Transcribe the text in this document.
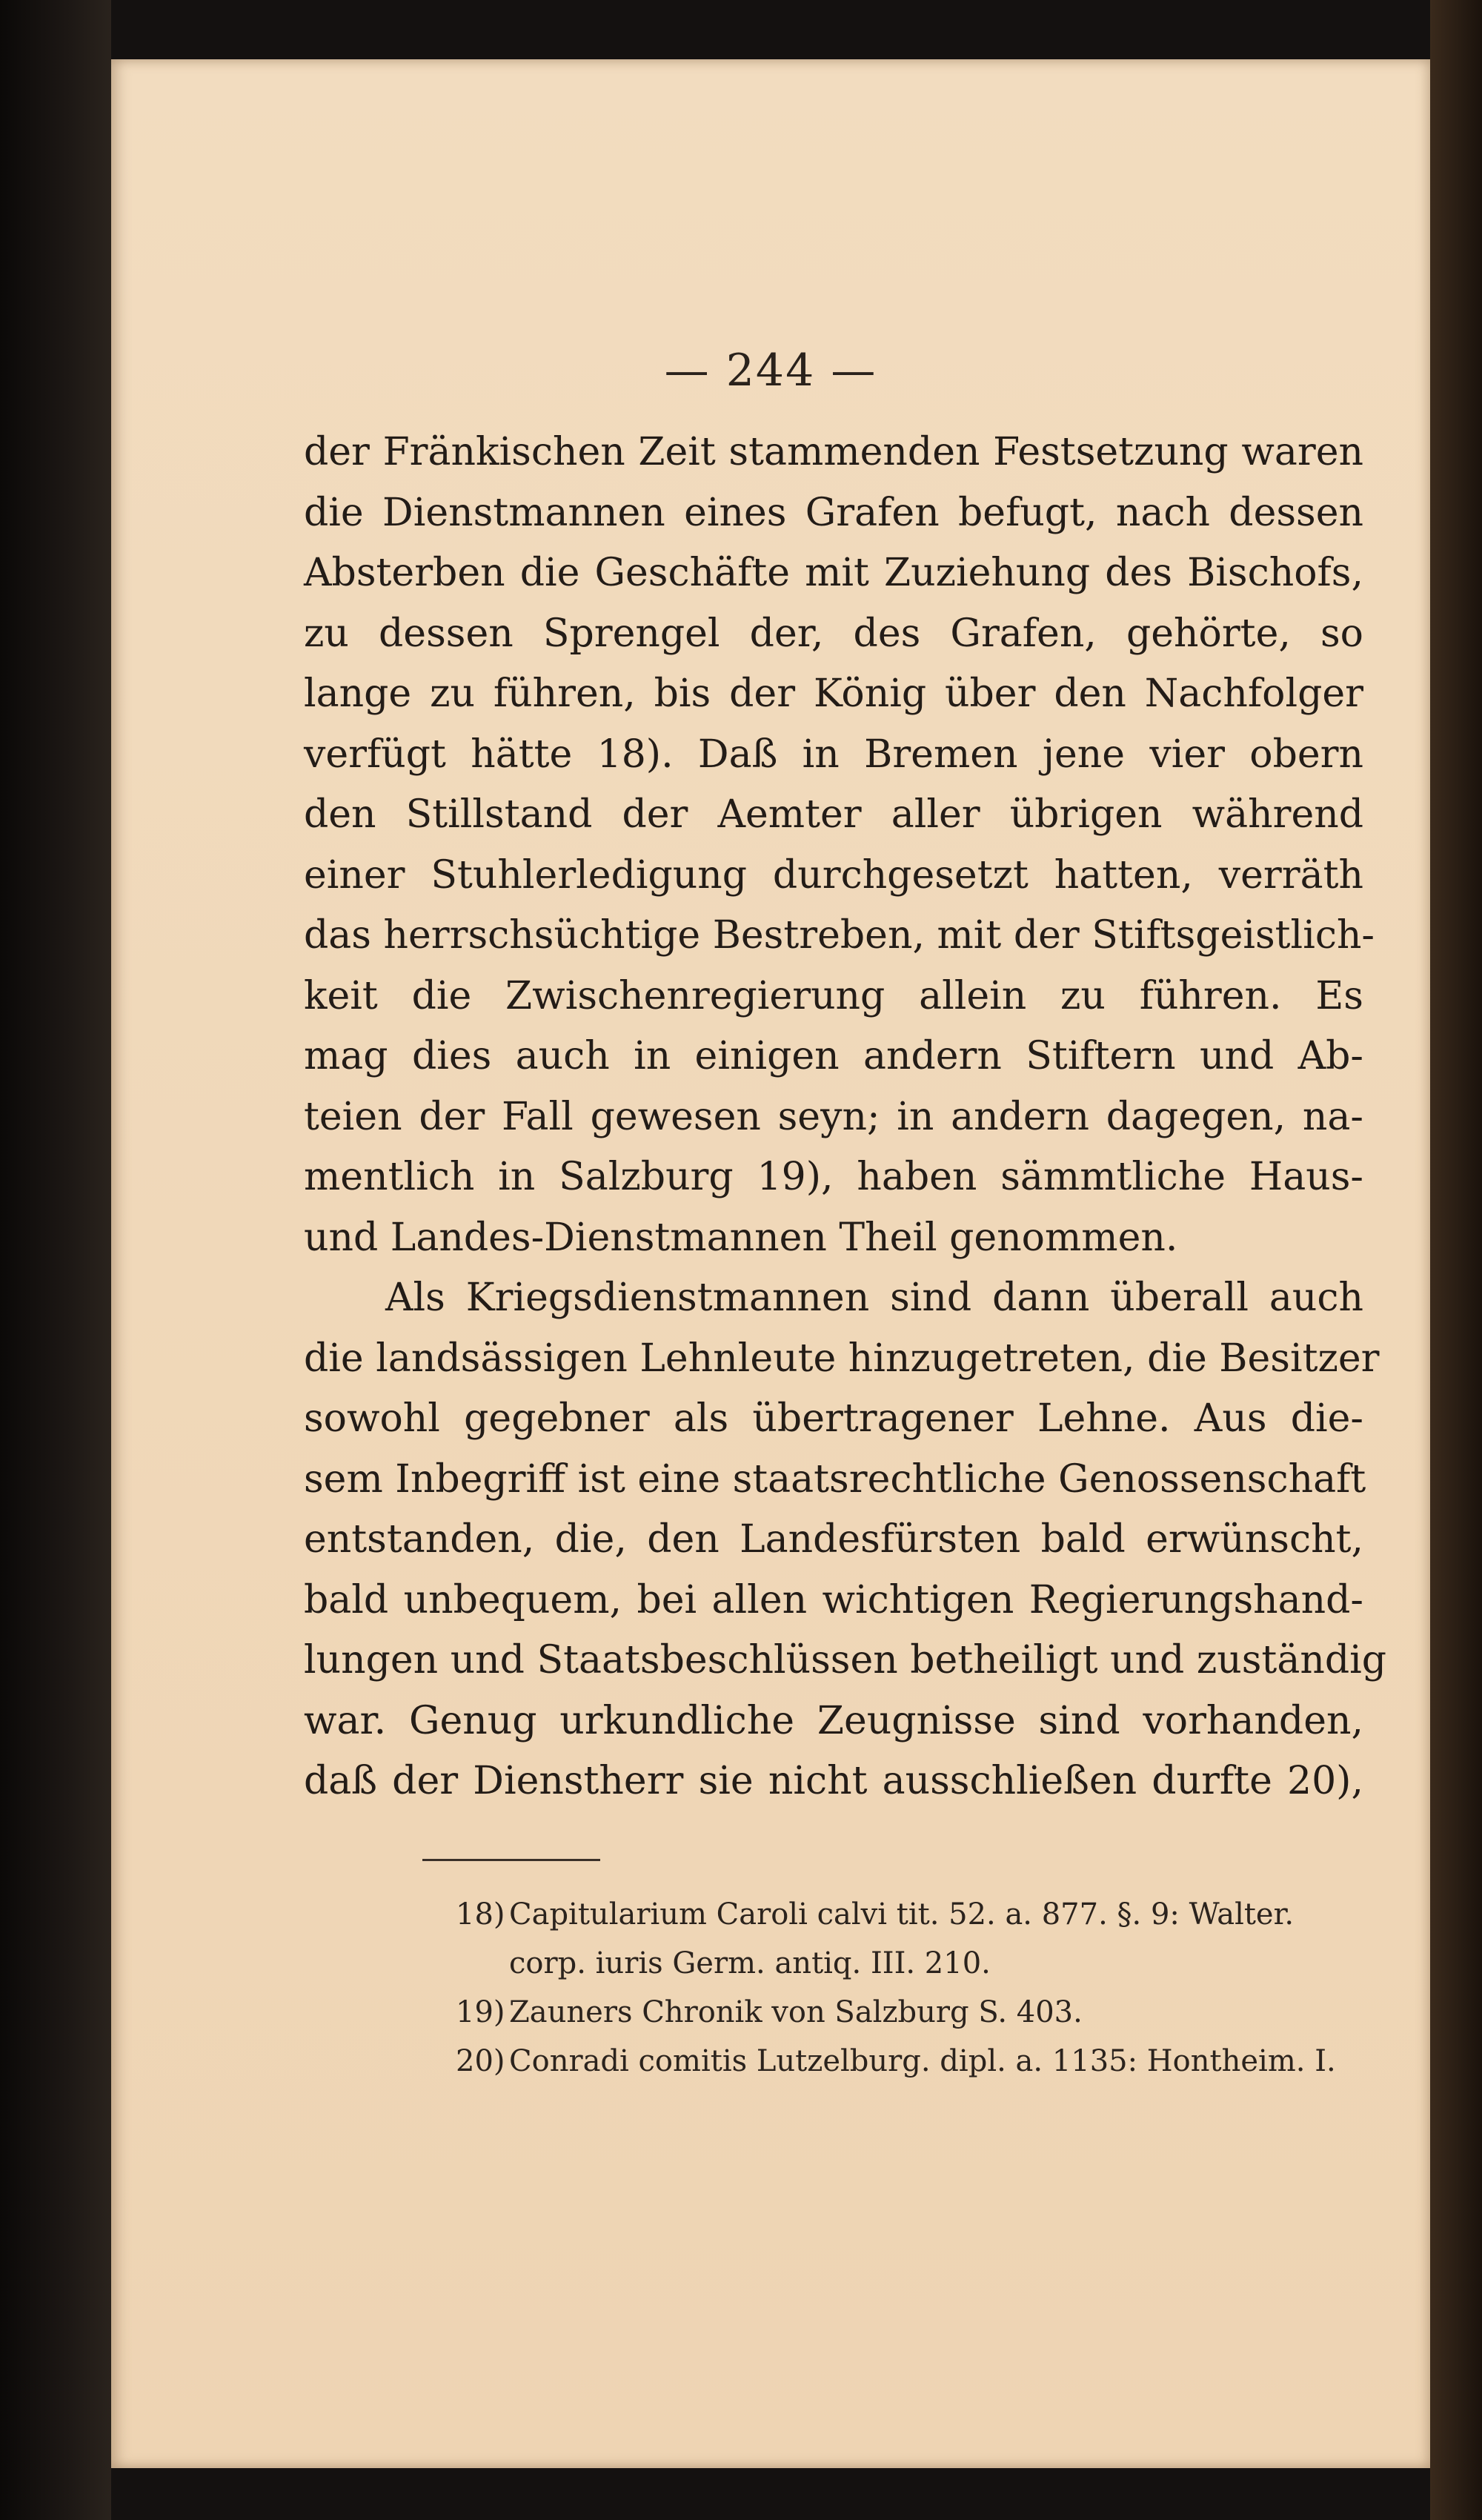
— 244 —
der Fränkischen Zeit stammenden Festsetzung waren
die Dienstmannen eines Grafen befugt, nach dessen
Absterben die Geschäfte mit Zuziehung des Bischofs,
zu dessen Sprengel der, des Grafen, gehörte, so
lange zu führen, bis der König über den Nachfolger
verfügt hätte 18). Daß in Bremen jene vier obern
den Stillstand der Aemter aller übrigen während
einer Stuhlerledigung durchgesetzt hatten, verräth
das herrschsüchtige Bestreben, mit der Stiftsgeistlich-
keit die Zwischenregierung allein zu führen. Es
mag dies auch in einigen andern Stiftern und Ab-
teien der Fall gewesen seyn; in andern dagegen, na-
mentlich in Salzburg 19), haben sämmtliche Haus-
und Landes-Dienstmannen Theil genommen.
Als Kriegsdienstmannen sind dann überall auch
die landsässigen Lehnleute hinzugetreten, die Besitzer
sowohl gegebner als übertragener Lehne. Aus die-
sem Inbegriff ist eine staatsrechtliche Genossenschaft
entstanden, die, den Landesfürsten bald erwünscht,
bald unbequem, bei allen wichtigen Regierungshand-
lungen und Staatsbeschlüssen betheiligt und zuständig
war. Genug urkundliche Zeugnisse sind vorhanden,
daß der Dienstherr sie nicht ausschließen durfte 20),
18) Capitularium Caroli calvi tit. 52. a. 877. §. 9: Walter.
corp. iuris Germ. antiq. III. 210.
19) Zauners Chronik von Salzburg S. 403.
20) Conradi comitis Lutzelburg. dipl. a. 1135: Hontheim. I.
